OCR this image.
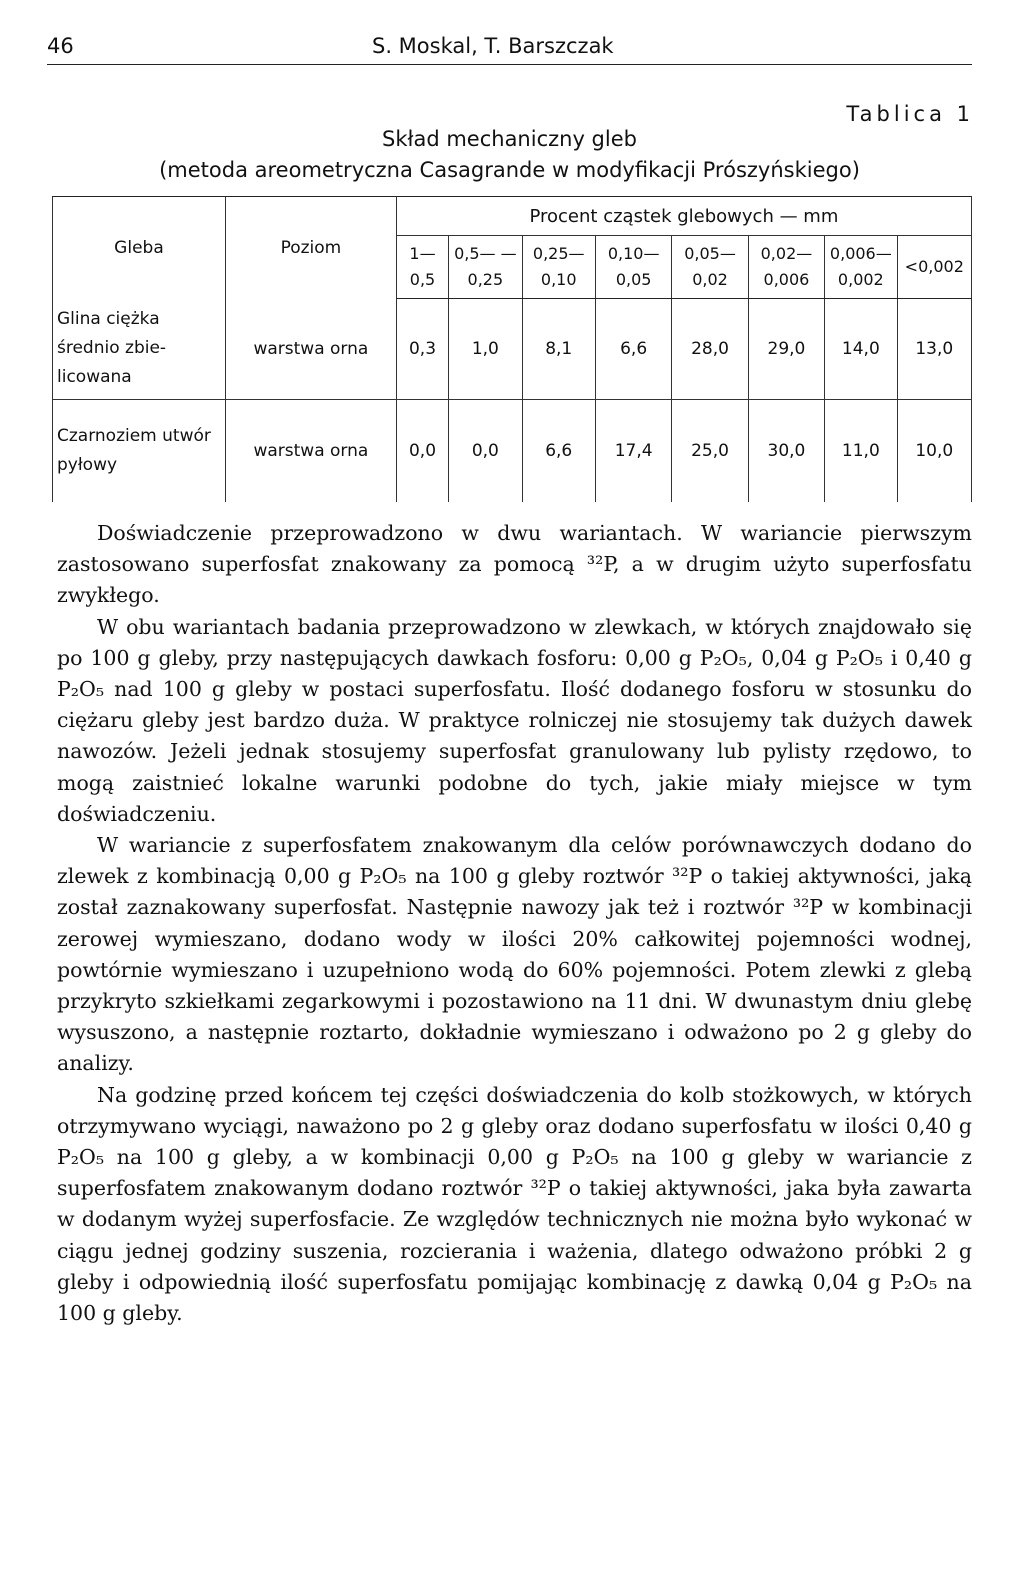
46	S. Moskal, T. Barszczak
Tablica 1
Skład mechaniczny gleb
(metoda areometryczna Casagrande w modyfikacji Prószyńskiego)
Gleba	Poziom	Procent cząstek glebowych — mm							
		1—0,5	0,5— —0,25	0,25— 0,10	0,10— 0,05	0,05— 0,02	0,02— 0,006	0,006— 0,002	<0,002
Glina ciężka średnio zbie- licowana	warstwa orna	0,3	1,0	8,1	6,6	28,0	29,0	14,0	13,0
Czarnoziem utwór pyłowy	warstwa orna	0,0	0,0	6,6	17,4	25,0	30,0	11,0	10,0

Doświadczenie przeprowadzono w dwu wariantach. W wariancie pierwszym zastosowano superfosfat znakowany za pomocą ³²P, a w drugim użyto superfosfatu zwykłego.

W obu wariantach badania przeprowadzono w zlewkach, w których znajdowało się po 100 g gleby, przy następujących dawkach fosforu: 0,00 g P₂O₅, 0,04 g P₂O₅ i 0,40 g P₂O₅ nad 100 g gleby w postaci superfosfatu. Ilość dodanego fosforu w stosunku do ciężaru gleby jest bardzo duża. W praktyce rolniczej nie stosujemy tak dużych dawek nawozów. Jeżeli jednak stosujemy superfosfat granulowany lub pylisty rzędowo, to mogą zaistnieć lokalne warunki podobne do tych, jakie miały miejsce w tym doświadczeniu.

W wariancie z superfosfatem znakowanym dla celów porównawczych dodano do zlewek z kombinacją 0,00 g P₂O₅ na 100 g gleby roztwór ³²P o takiej aktywności, jaką został zaznakowany superfosfat. Następnie nawozy jak też i roztwór ³²P w kombinacji zerowej wymieszano, dodano wody w ilości 20% całkowitej pojemności wodnej, powtórnie wymieszano i uzupełniono wodą do 60% pojemności. Potem zlewki z glebą przykryto szkiełkami zegarkowymi i pozostawiono na 11 dni. W dwunastym dniu glebę wysuszono, a następnie roztarto, dokładnie wymieszano i odważono po 2 g gleby do analizy.

Na godzinę przed końcem tej części doświadczenia do kolb stożkowych, w których otrzymywano wyciągi, naważono po 2 g gleby oraz dodano superfosfatu w ilości 0,40 g P₂O₅ na 100 g gleby, a w kombinacji 0,00 g P₂O₅ na 100 g gleby w wariancie z superfosfatem znakowanym dodano roztwór ³²P o takiej aktywności, jaka była zawarta w dodanym wyżej superfosfacie. Ze względów technicznych nie można było wykonać w ciągu jednej godziny suszenia, rozcierania i ważenia, dlatego odważono próbki 2 g gleby i odpowiednią ilość superfosfatu pomijając kombinację z dawką 0,04 g P₂O₅ na 100 g gleby.
